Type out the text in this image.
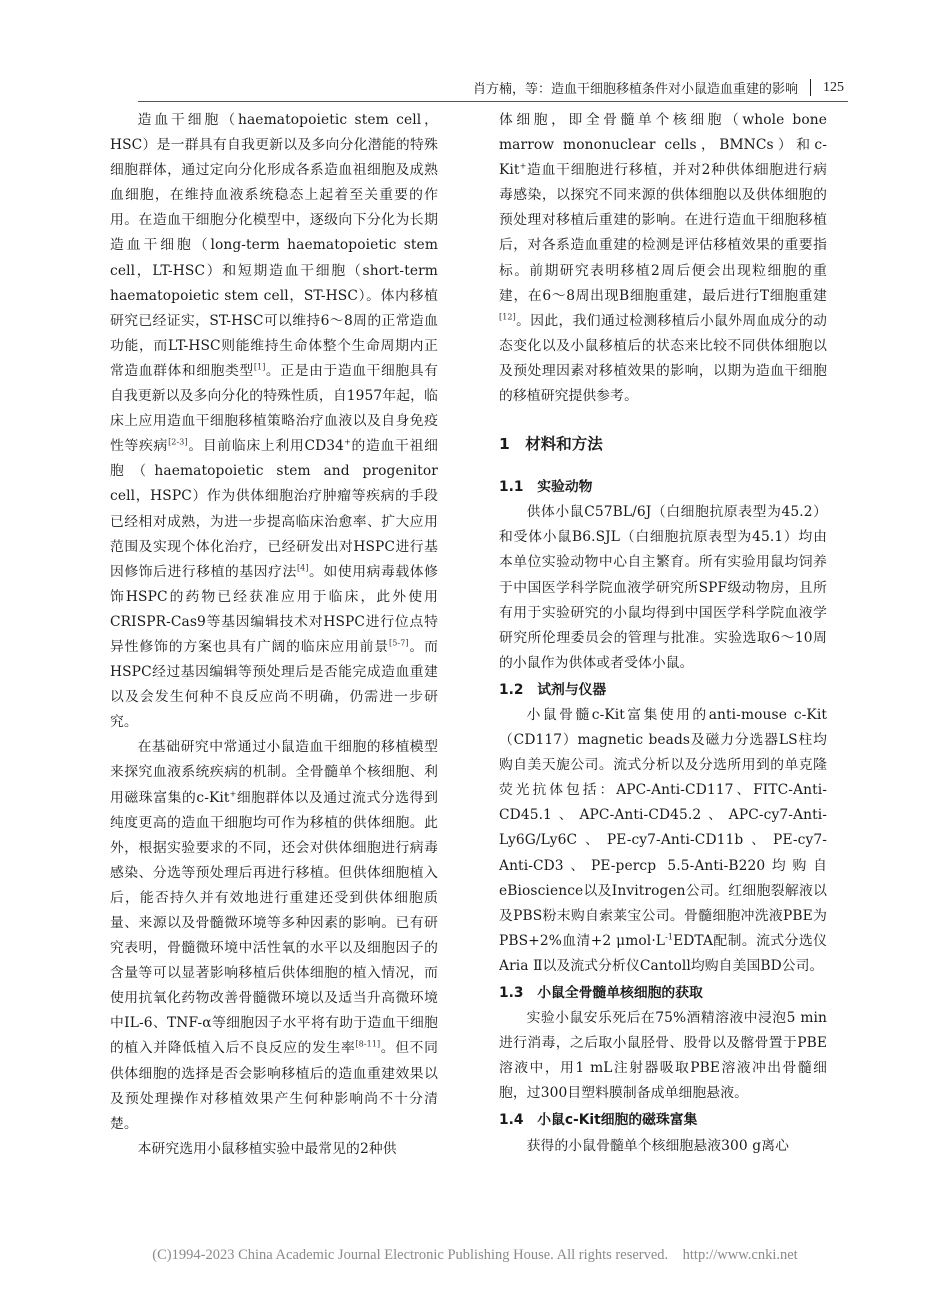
肖方楠，等：造血干细胞移植条件对小鼠造血重建的影响 125

造血干细胞（haematopoietic stem cell，HSC）是一群具有自我更新以及多向分化潜能的特殊细胞群体，通过定向分化形成各系造血祖细胞及成熟血细胞，在维持血液系统稳态上起着至关重要的作用。在造血干细胞分化模型中，逐级向下分化为长期造血干细胞（long-term haematopoietic stem cell，LT-HSC）和短期造血干细胞（short-term haematopoietic stem cell，ST-HSC）。体内移植研究已经证实，ST-HSC可以维持6～8周的正常造血功能，而LT-HSC则能维持生命体整个生命周期内正常造血群体和细胞类型[1]。正是由于造血干细胞具有自我更新以及多向分化的特殊性质，自1957年起，临床上应用造血干细胞移植策略治疗血液以及自身免疫性等疾病[2-3]。目前临床上利用CD34+的造血干祖细胞（haematopoietic stem and progenitor cell，HSPC）作为供体细胞治疗肿瘤等疾病的手段已经相对成熟，为进一步提高临床治愈率、扩大应用范围及实现个体化治疗，已经研发出对HSPC进行基因修饰后进行移植的基因疗法[4]。如使用病毒载体修饰HSPC的药物已经获准应用于临床，此外使用CRISPR-Cas9等基因编辑技术对HSPC进行位点特异性修饰的方案也具有广阔的临床应用前景[5-7]。而HSPC经过基因编辑等预处理后是否能完成造血重建以及会发生何种不良反应尚不明确，仍需进一步研究。

在基础研究中常通过小鼠造血干细胞的移植模型来探究血液系统疾病的机制。全骨髓单个核细胞、利用磁珠富集的c-Kit+细胞群体以及通过流式分选得到纯度更高的造血干细胞均可作为移植的供体细胞。此外，根据实验要求的不同，还会对供体细胞进行病毒感染、分选等预处理后再进行移植。但供体细胞植入后，能否持久并有效地进行重建还受到供体细胞质量、来源以及骨髓微环境等多种因素的影响。已有研究表明，骨髓微环境中活性氧的水平以及细胞因子的含量等可以显著影响移植后供体细胞的植入情况，而使用抗氧化药物改善骨髓微环境以及适当升高微环境中IL-6、TNF-α等细胞因子水平将有助于造血干细胞的植入并降低植入后不良反应的发生率[8-11]。但不同供体细胞的选择是否会影响移植后的造血重建效果以及预处理操作对移植效果产生何种影响尚不十分清楚。

本研究选用小鼠移植实验中最常见的2种供

体细胞，即全骨髓单个核细胞（whole bone marrow mononuclear cells，BMNCs）和c-Kit+造血干细胞进行移植，并对2种供体细胞进行病毒感染，以探究不同来源的供体细胞以及供体细胞的预处理对移植后重建的影响。在进行造血干细胞移植后，对各系造血重建的检测是评估移植效果的重要指标。前期研究表明移植2周后便会出现粒细胞的重建，在6～8周出现B细胞重建，最后进行T细胞重建[12]。因此，我们通过检测移植后小鼠外周血成分的动态变化以及小鼠移植后的状态来比较不同供体细胞以及预处理因素对移植效果的影响，以期为造血干细胞的移植研究提供参考。

1　材料和方法
1.1　实验动物

供体小鼠C57BL/6J（白细胞抗原表型为45.2）和受体小鼠B6.SJL（白细胞抗原表型为45.1）均由本单位实验动物中心自主繁育。所有实验用鼠均饲养于中国医学科学院血液学研究所SPF级动物房，且所有用于实验研究的小鼠均得到中国医学科学院血液学研究所伦理委员会的管理与批准。实验选取6～10周的小鼠作为供体或者受体小鼠。

1.2　试剂与仪器

小鼠骨髓c-Kit富集使用的anti-mouse c-Kit（CD117）magnetic beads及磁力分选器LS柱均购自美天旎公司。流式分析以及分选所用到的单克隆荧光抗体包括：APC-Anti-CD117、FITC-Anti-CD45.1、APC-Anti-CD45.2、APC-cy7-Anti-Ly6G/Ly6C、PE-cy7-Anti-CD11b、PE-cy7-Anti-CD3、PE-percp 5.5-Anti-B220均购自eBioscience以及Invitrogen公司。红细胞裂解液以及PBS粉末购自索莱宝公司。骨髓细胞冲洗液PBE为PBS+2%血清+2 $\mu mol\cdot L^{-1}EDTA$配制。流式分选仪Aria Ⅱ以及流式分析仪Cantoll均购自美国BD公司。

1.3　小鼠全骨髓单核细胞的获取

实验小鼠安乐死后在75%酒精溶液中浸泡5 min进行消毒，之后取小鼠胫骨、股骨以及髂骨置于PBE溶液中，用1 mL注射器吸取PBE溶液冲出骨髓细胞，过300目塑料膜制备成单细胞悬液。

1.4　小鼠c-Kit细胞的磁珠富集

获得的小鼠骨髓单个核细胞悬液300 g离心

(C)1994-2023 China Academic Journal Electronic Publishing House. All rights reserved.　http://www.cnki.net
